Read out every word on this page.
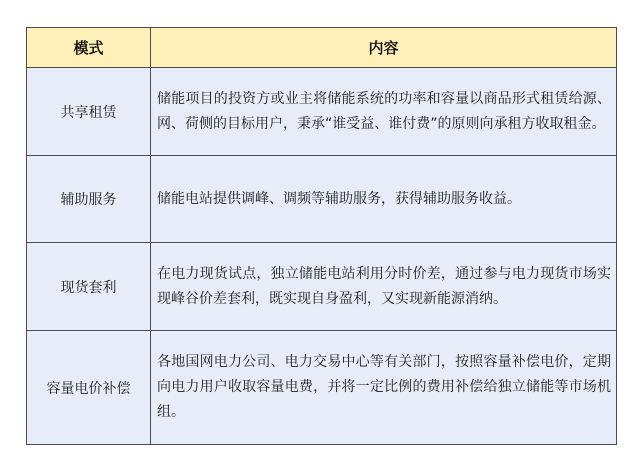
模式	内容
共享租赁	储能项目的投资方或业主将储能系统的功率和容量以商品形式租赁给源、网、荷侧的目标用户，秉承“谁受益、谁付费”的原则向承租方收取租金。
辅助服务	储能电站提供调峰、调频等辅助服务，获得辅助服务收益。
现货套利	在电力现货试点，独立储能电站利用分时价差，通过参与电力现货市场实现峰谷价差套利，既实现自身盈利，又实现新能源消纳。
容量电价补偿	各地国网电力公司、电力交易中心等有关部门，按照容量补偿电价，定期向电力用户收取容量电费，并将一定比例的费用补偿给独立储能等市场机组。
